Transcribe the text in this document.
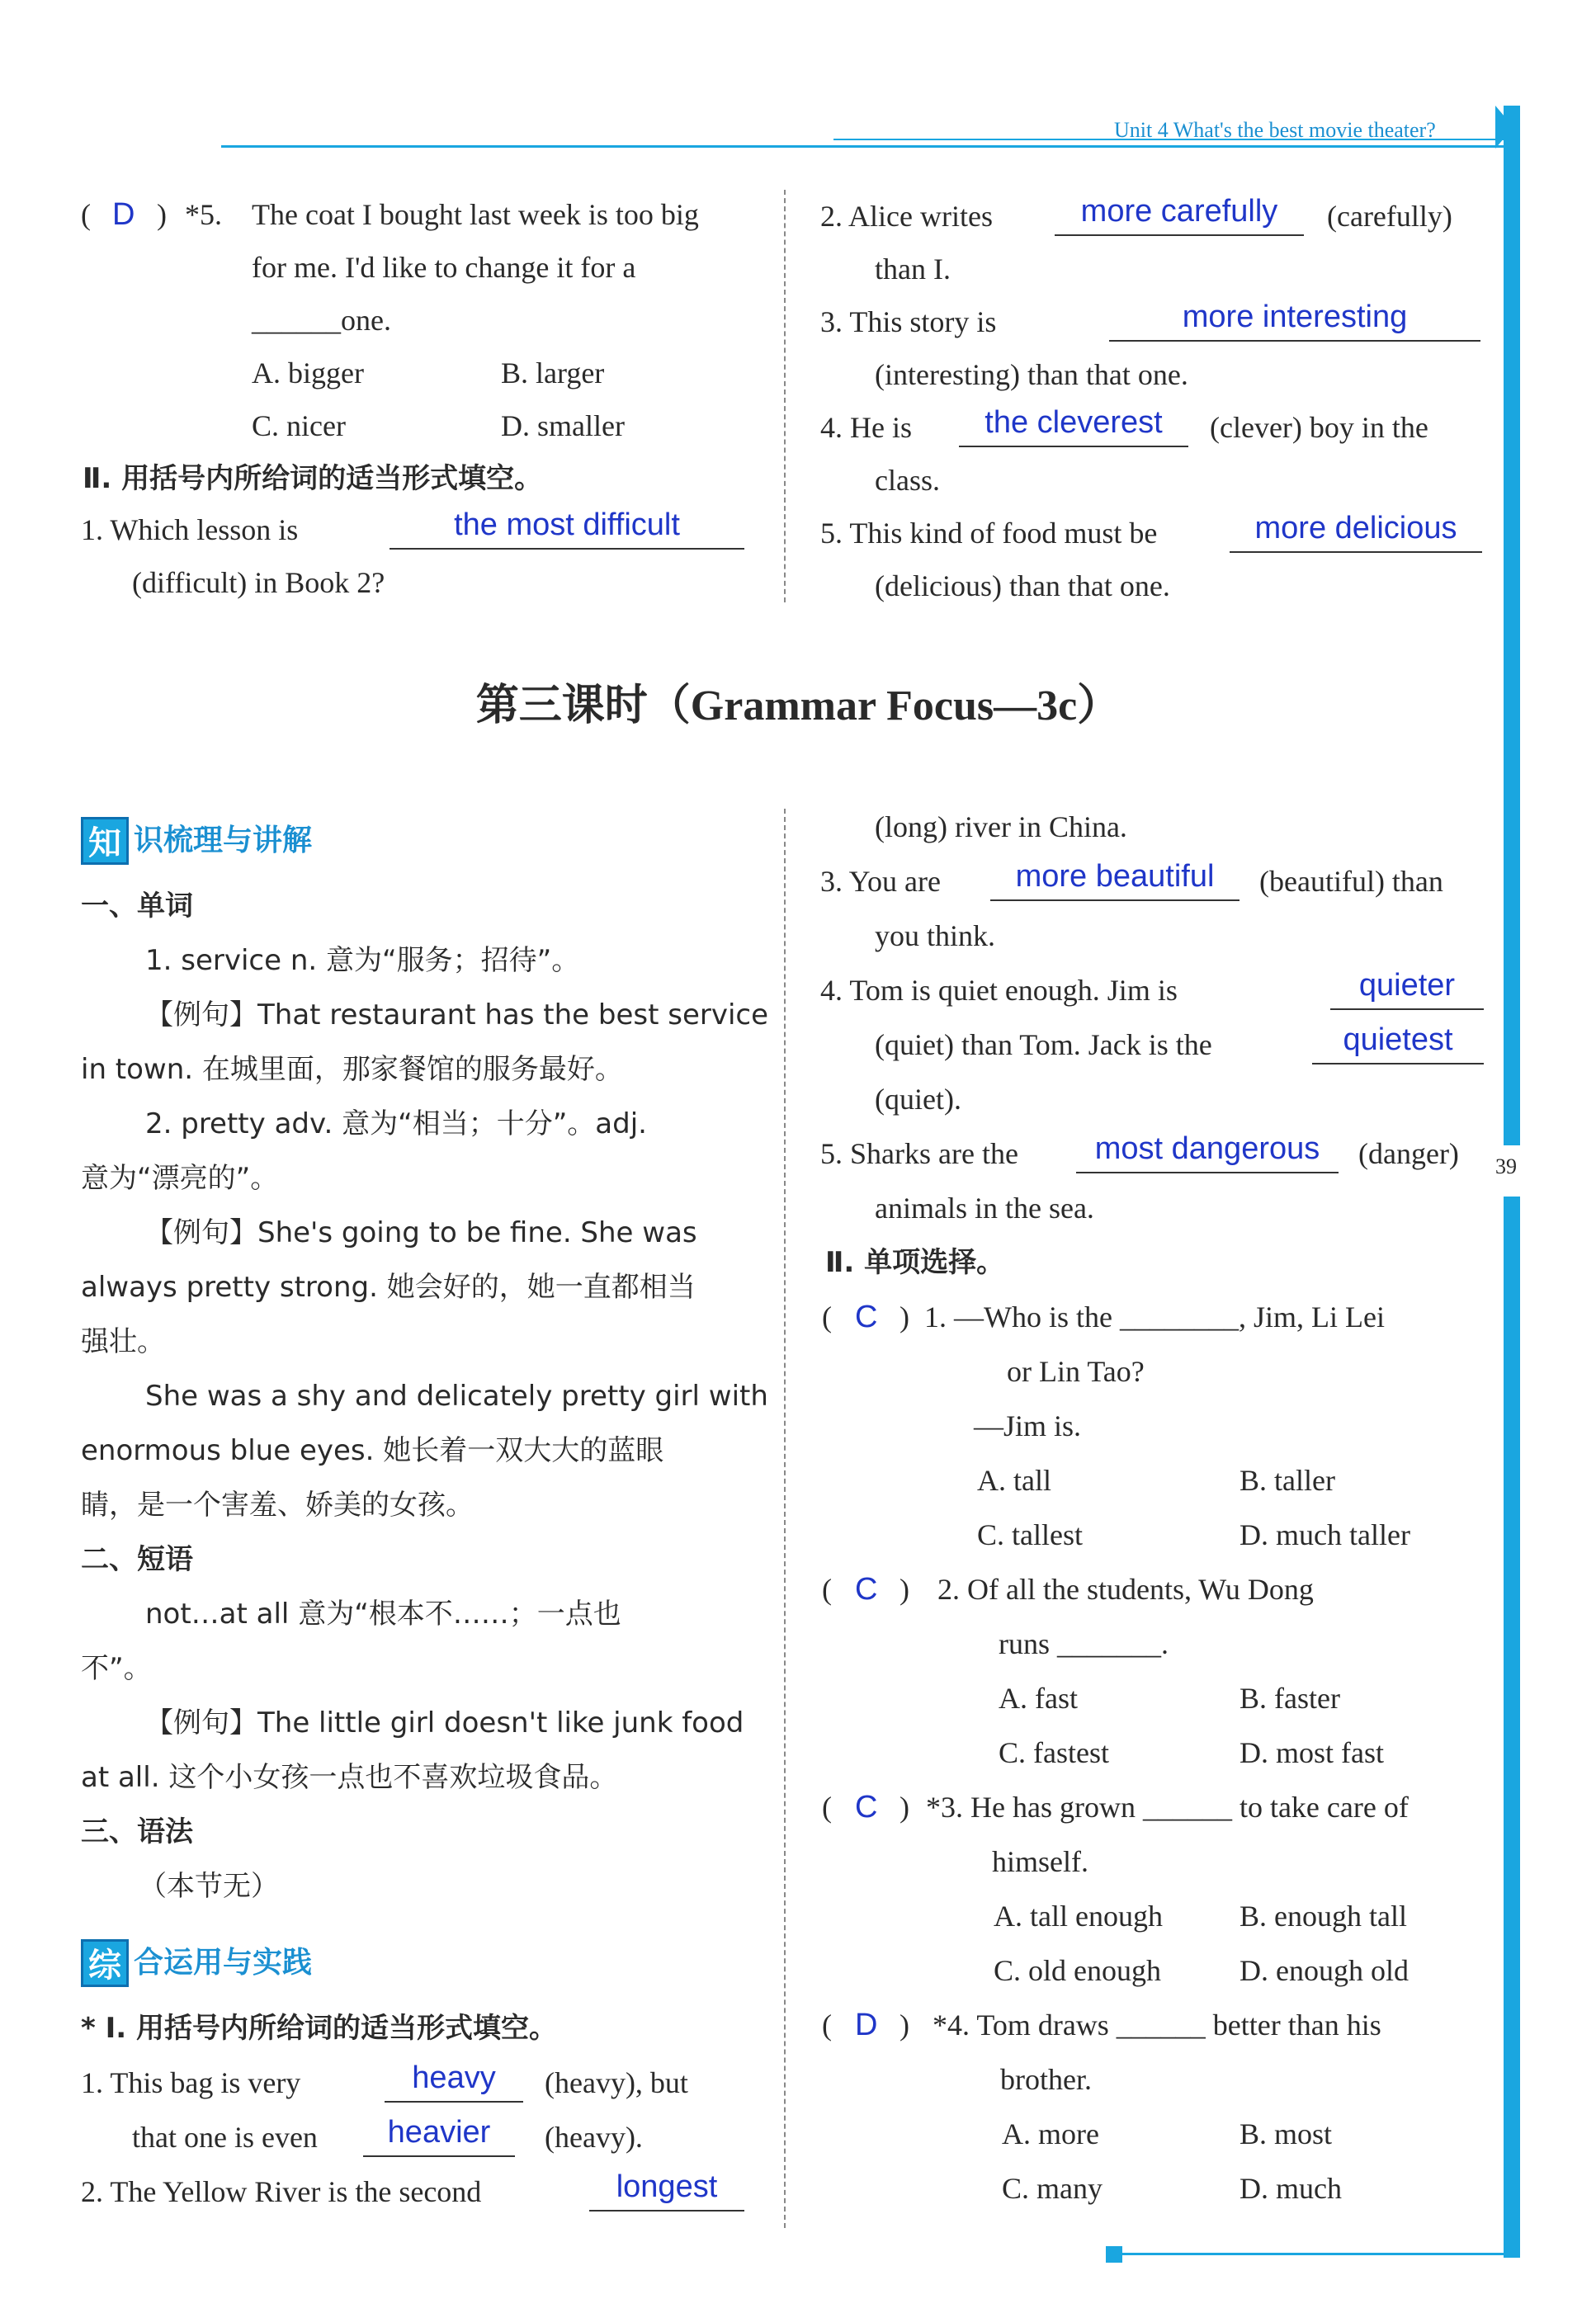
Unit 4 What's the best movie theater?
39
( D ) *5. The coat I bought last week is too big
for me. I'd like to change it for a
______one.
A. bigger	B. larger
C. nicer	D. smaller
Ⅱ. 用括号内所给词的适当形式填空。
1. Which lesson is	the most difficult
(difficult) in Book 2?
2. Alice writes	more carefully	(carefully)
than I.
3. This story is	more interesting
(interesting) than that one.
4. He is	the cleverest	(clever) boy in the
class.
5. This kind of food must be	more delicious
(delicious) than that one.
第三课时（Grammar Focus—3c）
知 识梳理与讲解
一、单词
1. service n. 意为“服务；招待”。
【例句】That restaurant has the best service
in town. 在城里面，那家餐馆的服务最好。
2. pretty adv. 意为“相当；十分”。adj.
意为“漂亮的”。
【例句】She's going to be fine. She was
always pretty strong. 她会好的，她一直都相当
强壮。
She was a shy and delicately pretty girl with
enormous blue eyes. 她长着一双大大的蓝眼
睛，是一个害羞、娇美的女孩。
二、短语
not…at all 意为“根本不……；一点也
不”。
【例句】The little girl doesn't like junk food
at all. 这个小女孩一点也不喜欢垃圾食品。
三、语法
（本节无）
综 合运用与实践
* Ⅰ. 用括号内所给词的适当形式填空。
1. This bag is very	heavy	(heavy), but
that one is even	heavier	(heavy).
2. The Yellow River is the second	longest
(long) river in China.
3. You are	more beautiful	(beautiful) than
you think.
4. Tom is quiet enough. Jim is	quieter
(quiet) than Tom. Jack is the	quietest
(quiet).
5. Sharks are the	most dangerous	(danger)
animals in the sea.
Ⅱ. 单项选择。
( C ) 1. —Who is the ________, Jim, Li Lei
or Lin Tao?
—Jim is.
A. tall	B. taller
C. tallest	D. much taller
( C ) 2. Of all the students, Wu Dong
runs _______.
A. fast	B. faster
C. fastest	D. most fast
( C ) *3. He has grown ______ to take care of
himself.
A. tall enough	B. enough tall
C. old enough	D. enough old
( D ) *4. Tom draws ______ better than his
brother.
A. more	B. most
C. many	D. much
